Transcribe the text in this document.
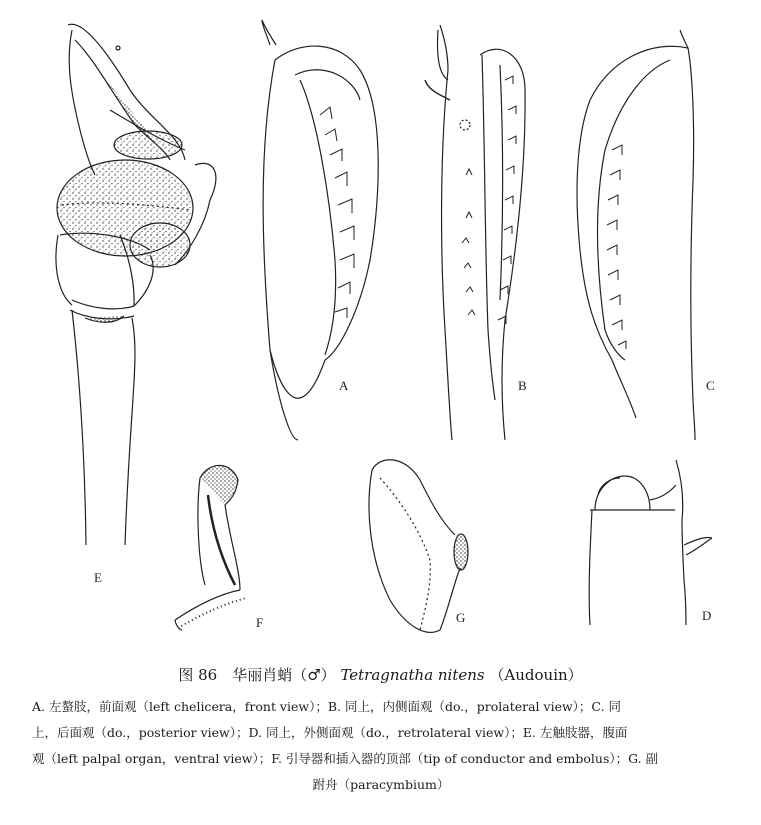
A	B	C
E
F	G	D
图 86　华丽肖蛸（♂） Tetragnatha nitens （Audouin）
A. 左螯肢，前面观（left chelicera，front view）；B. 同上，内侧面观（do.，prolateral view）；C. 同
上，后面观（do.，posterior view）；D. 同上，外侧面观（do.，retrolateral view）；E. 左触肢器，腹面
观（left palpal organ，ventral view）；F. 引导器和插入器的顶部（tip of conductor and embolus）；G. 副
跗舟（paracymbium）
